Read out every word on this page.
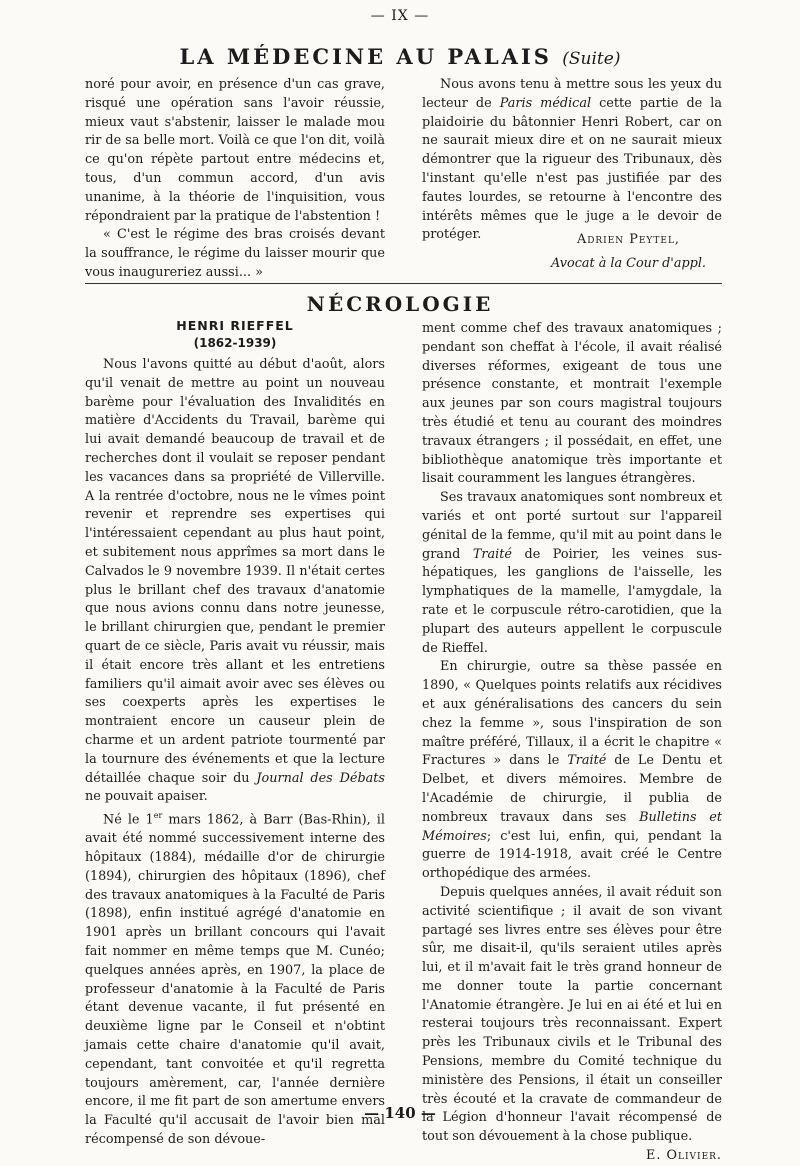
— IX —
LA MÉDECINE AU PALAIS (Suite)

noré pour avoir, en présence d'un cas grave, risqué une opération sans l'avoir réussie, mieux vaut s'abstenir, laisser le malade mou rir de sa belle mort. Voilà ce que l'on dit, voilà ce qu'on répète partout entre médecins et, tous, d'un commun accord, d'un avis unanime, à la théorie de l'inquisition, vous répondraient par la pratique de l'abstention !

« C'est le régime des bras croisés devant la souffrance, le régime du laisser mourir que vous inaugureriez aussi... »

Nous avons tenu à mettre sous les yeux du lecteur de Paris médical cette partie de la plaidoirie du bâtonnier Henri Robert, car on ne saurait mieux dire et on ne saurait mieux démontrer que la rigueur des Tribunaux, dès l'instant qu'elle n'est pas justifiée par des fautes lourdes, se retourne à l'encontre des intérêts mêmes que le juge a le devoir de protéger.	Adrien Peytel,
Avocat à la Cour d'appl.
NÉCROLOGIE
HENRI RIEFFEL
(1862-1939)

Nous l'avons quitté au début d'août, alors qu'il venait de mettre au point un nouveau barème pour l'évaluation des Invalidités en matière d'Accidents du Travail, barème qui lui avait demandé beaucoup de travail et de recherches dont il voulait se reposer pendant les vacances dans sa propriété de Villerville. A la rentrée d'octobre, nous ne le vîmes point revenir et reprendre ses expertises qui l'intéressaient cependant au plus haut point, et subitement nous apprîmes sa mort dans le Calvados le 9 novembre 1939. Il n'était certes plus le brillant chef des travaux d'anatomie que nous avions connu dans notre jeunesse, le brillant chirurgien que, pendant le premier quart de ce siècle, Paris avait vu réussir, mais il était encore très allant et les entretiens familiers qu'il aimait avoir avec ses élèves ou ses coexperts après les expertises le montraient encore un causeur plein de charme et un ardent patriote tourmenté par la tournure des événements et que la lecture détaillée chaque soir du Journal des Débats ne pouvait apaiser.

Né le 1er mars 1862, à Barr (Bas-Rhin), il avait été nommé successivement interne des hôpitaux (1884), médaille d'or de chirurgie (1894), chirurgien des hôpitaux (1896), chef des travaux anatomiques à la Faculté de Paris (1898), enfin institué agrégé d'anatomie en 1901 après un brillant concours qui l'avait fait nommer en même temps que M. Cunéo; quelques années après, en 1907, la place de professeur d'anatomie à la Faculté de Paris étant devenue vacante, il fut présenté en deuxième ligne par le Conseil et n'obtint jamais cette chaire d'anatomie qu'il avait, cependant, tant convoitée et qu'il regretta toujours amèrement, car, l'année dernière encore, il me fit part de son amertume envers la Faculté qu'il accusait de l'avoir bien mal récompensé de son dévoue-

ment comme chef des travaux anatomiques ; pendant son cheffat à l'école, il avait réalisé diverses réformes, exigeant de tous une présence constante, et montrait l'exemple aux jeunes par son cours magistral toujours très étudié et tenu au courant des moindres travaux étrangers ; il possédait, en effet, une bibliothèque anatomique très importante et lisait couramment les langues étrangères.

Ses travaux anatomiques sont nombreux et variés et ont porté surtout sur l'appareil génital de la femme, qu'il mit au point dans le grand Traité de Poirier, les veines sus-hépatiques, les ganglions de l'aisselle, les lymphatiques de la mamelle, l'amygdale, la rate et le corpuscule rétro-carotidien, que la plupart des auteurs appellent le corpuscule de Rieffel.

En chirurgie, outre sa thèse passée en 1890, « Quelques points relatifs aux récidives et aux généralisations des cancers du sein chez la femme », sous l'inspiration de son maître préféré, Tillaux, il a écrit le chapitre « Fractures » dans le Traité de Le Dentu et Delbet, et divers mémoires. Membre de l'Académie de chirurgie, il publia de nombreux travaux dans ses Bulletins et Mémoires; c'est lui, enfin, qui, pendant la guerre de 1914-1918, avait créé le Centre orthopédique des armées.

Depuis quelques années, il avait réduit son activité scientifique ; il avait de son vivant partagé ses livres entre ses élèves pour être sûr, me disait-il, qu'ils seraient utiles après lui, et il m'avait fait le très grand honneur de me donner toute la partie concernant l'Anatomie étrangère. Je lui en ai été et lui en resterai toujours très reconnaissant. Expert près les Tribunaux civils et le Tribunal des Pensions, membre du Comité technique du ministère des Pensions, il était un conseiller très écouté et la cravate de commandeur de la Légion d'honneur l'avait récompensé de tout son dévouement à la chose publique.
E. Olivier.

— 140 —
